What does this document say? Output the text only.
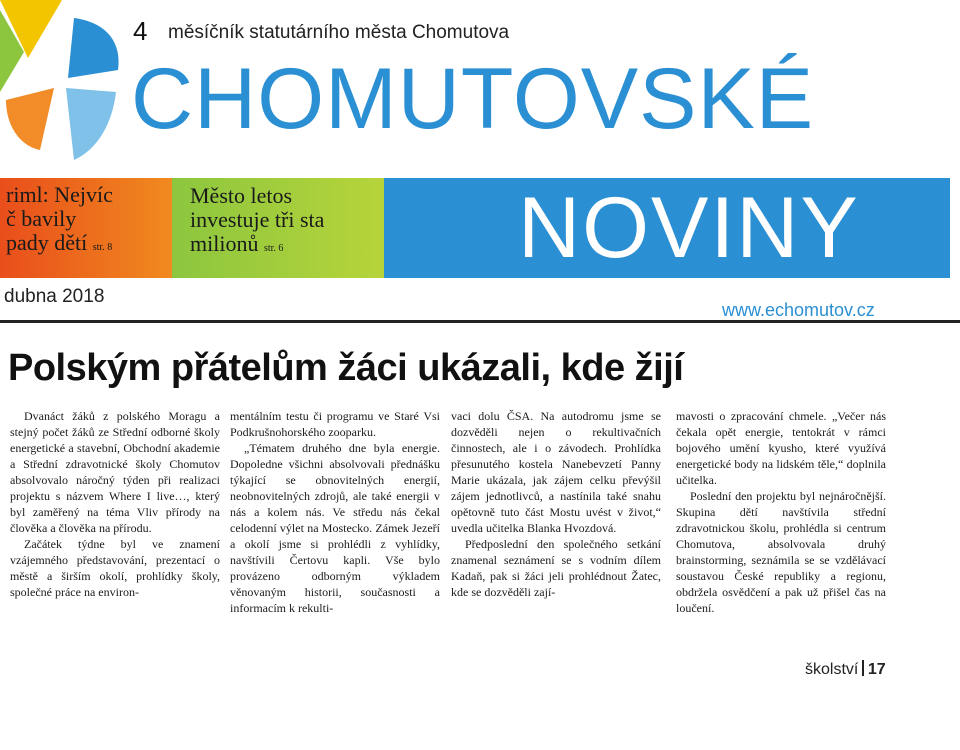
4 měsíčník statutárního města Chomutova
CHOMUTOVSKÉ
NOVINY
riml: Nejvíc
č bavily
pady dětí str. 8
Město letos
investuje tři sta
milionů str. 6
dubna 2018
www.echomutov.cz
Polským přátelům žáci ukázali, kde žijí

Dvanáct žáků z polského Moragu a stejný počet žáků ze Střední odborné školy energetické a stavební, Obchodní akademie a Střední zdravotnické školy Chomutov absolvovalo náročný týden při realizaci projektu s názvem Where I live…, který byl zaměřený na téma Vliv přírody na člověka a člověka na přírodu.

Začátek týdne byl ve znamení vzájemného představování, prezentací o městě a širším okolí, prohlídky školy, společné práce na environ-

mentálním testu či programu ve Staré Vsi Podkrušnohorského zooparku.

„Tématem druhého dne byla energie. Dopoledne všichni absolvovali přednášku týkající se obnovitelných energií, neobnovitelných zdrojů, ale také energii v nás a kolem nás. Ve středu nás čekal celodenní výlet na Mostecko. Zámek Jezeří a okolí jsme si prohlédli z vyhlídky, navštívili Čertovu kapli. Vše bylo provázeno odborným výkladem věnovaným historii, současnosti a informacím k rekulti-

vaci dolu ČSA. Na autodromu jsme se dozvěděli nejen o rekultivačních činnostech, ale i o závodech. Prohlídka přesunutého kostela Nanebevzetí Panny Marie ukázala, jak zájem celku převýšil zájem jednotlivců, a nastínila také snahu opětovně tuto část Mostu uvést v život,“ uvedla učitelka Blanka Hvozdová.

Předposlední den společného setkání znamenal seznámení se s vodním dílem Kadaň, pak si žáci jeli prohlédnout Žatec, kde se dozvěděli zají-

mavosti o zpracování chmele. „Večer nás čekala opět energie, tentokrát v rámci bojového umění kyusho, které využívá energetické body na lidském těle,“ doplnila učitelka.

Poslední den projektu byl nejnáročnější. Skupina dětí navštívila střední zdravotnickou školu, prohlédla si centrum Chomutova, absolvovala druhý brainstorming, seznámila se se vzdělávací soustavou České republiky a regionu, obdržela osvědčení a pak už přišel čas na loučení.

školství 17
